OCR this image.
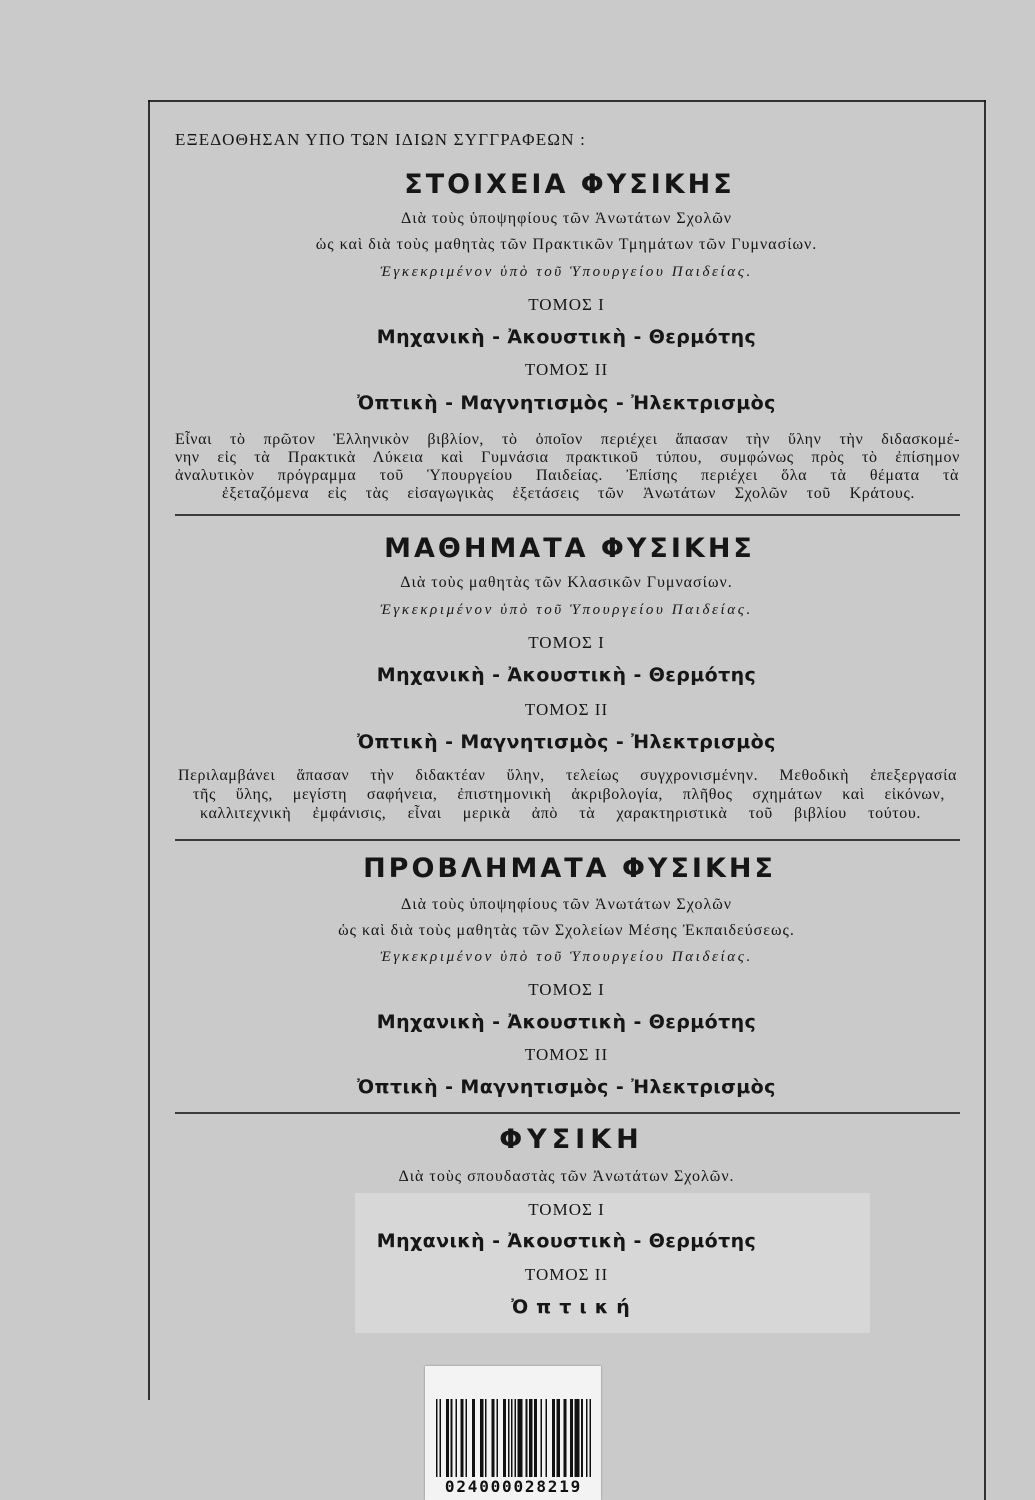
ΕΞΕΔΟΘΗΣΑΝ ΥΠΟ ΤΩΝ ΙΔΙΩΝ ΣΥΓΓΡΑΦΕΩΝ :
ΣΤΟΙΧΕΙΑ ΦΥΣΙΚΗΣ
Διὰ τοὺς ὑποψηφίους τῶν Ἀνωτάτων Σχολῶν
ὡς καὶ διὰ τοὺς μαθητὰς τῶν Πρακτικῶν Τμημάτων τῶν Γυμνασίων.
Ἐγκεκριμένον ὑπὸ τοῦ Ὑπουργείου Παιδείας.
ΤΟΜΟΣ I
Μηχανικὴ - Ἀκουστικὴ - Θερμότης
ΤΟΜΟΣ II
Ὀπτικὴ - Μαγνητισμὸς - Ἠλεκτρισμὸς
Εἶναι τὸ πρῶτον Ἑλληνικὸν βιβλίον, τὸ ὁποῖον περιέχει ἅπασαν τὴν ὕλην τὴν διδασκομέ-
νην εἰς τὰ Πρακτικὰ Λύκεια καὶ Γυμνάσια πρακτικοῦ τύπου, συμφώνως πρὸς τὸ ἐπίσημον
ἀναλυτικὸν πρόγραμμα τοῦ Ὑπουργείου Παιδείας. Ἐπίσης περιέχει ὅλα τὰ θέματα τὰ
ἐξεταζόμενα εἰς τὰς εἰσαγωγικὰς ἐξετάσεις τῶν Ἀνωτάτων Σχολῶν τοῦ Κράτους.
ΜΑΘΗΜΑΤΑ ΦΥΣΙΚΗΣ
Διὰ τοὺς μαθητὰς τῶν Κλασικῶν Γυμνασίων.
Ἐγκεκριμένον ὑπὸ τοῦ Ὑπουργείου Παιδείας.
ΤΟΜΟΣ I
Μηχανικὴ - Ἀκουστικὴ - Θερμότης
ΤΟΜΟΣ II
Ὀπτικὴ - Μαγνητισμὸς - Ἠλεκτρισμὸς
Περιλαμβάνει ἅπασαν τὴν διδακτέαν ὕλην, τελείως συγχρονισμένην. Μεθοδικὴ ἐπεξεργασία
τῆς ὕλης, μεγίστη σαφήνεια, ἐπιστημονικὴ ἀκριβολογία, πλῆθος σχημάτων καὶ εἰκόνων,
καλλιτεχνικὴ ἐμφάνισις, εἶναι μερικὰ ἀπὸ τὰ χαρακτηριστικὰ τοῦ βιβλίου τούτου.
ΠΡΟΒΛΗΜΑΤΑ ΦΥΣΙΚΗΣ
Διὰ τοὺς ὑποψηφίους τῶν Ἀνωτάτων Σχολῶν
ὡς καὶ διὰ τοὺς μαθητὰς τῶν Σχολείων Μέσης Ἐκπαιδεύσεως.
Ἐγκεκριμένον ὑπὸ τοῦ Ὑπουργείου Παιδείας.
ΤΟΜΟΣ I
Μηχανικὴ - Ἀκουστικὴ - Θερμότης
ΤΟΜΟΣ II
Ὀπτικὴ - Μαγνητισμὸς - Ἠλεκτρισμὸς
ΦΥΣΙΚΗ
Διὰ τοὺς σπουδαστὰς τῶν Ἀνωτάτων Σχολῶν.
ΤΟΜΟΣ I
Μηχανικὴ - Ἀκουστικὴ - Θερμότης
ΤΟΜΟΣ II
Ὀπτική
024000028219
